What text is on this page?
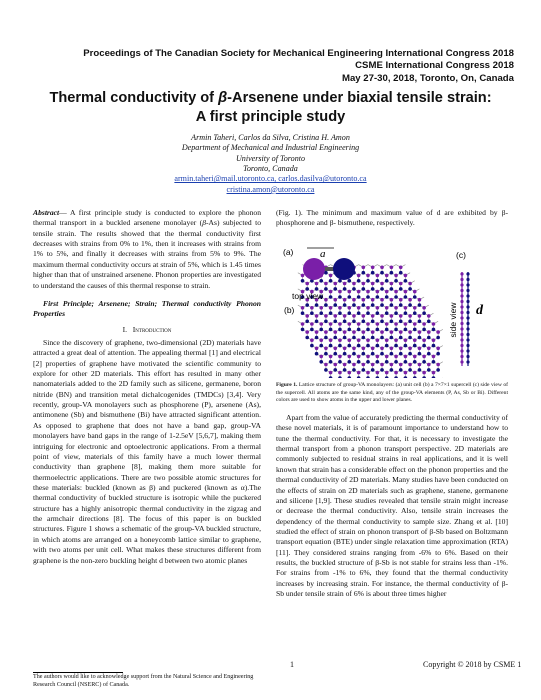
Proceedings of The Canadian Society for Mechanical Engineering International Congress 2018
CSME International Congress 2018
May 27-30, 2018, Toronto, On, Canada
Thermal conductivity of β-Arsenene under biaxial tensile strain:
A first principle study
Armin Taheri, Carlos da Silva, Cristina H. Amon
Department of Mechanical and Industrial Engineering
University of Toronto
Toronto, Canada
armin.taheri@mail.utoronto.ca, carlos.dasilva@utoronto.ca
cristina.amon@utoronto.ca

Abstract— A first principle study is conducted to explore the phonon thermal transport in a buckled arsenene monolayer (β-As) subjected to tensile strain. The results showed that the thermal conductivity first decreases with strains from 0% to 1%, then it increases with strains from 1% to 5%, and finally it decreases with strains from 5% to 9%. The maximum thermal conductivity occurs at strain of 5%, which is 1.45 times higher than that of unstrained arsenene. Phonon properties are investigated to understand the causes of this thermal response to strain.

First Principle; Arsenene; Strain; Thermal conductivity Phonon Properties

I. Introduction

Since the discovery of graphene, two-dimensional (2D) materials have attracted a great deal of attention. The appealing thermal [1] and electrical [2] properties of graphene have motivated the scientific community to explore for other 2D materials. This effort has resulted in many other nanomaterials added to the 2D family such as silicene, germanene, boron nitride (BN) and transition metal dichalcogenides (TMDCs) [3,4]. Very recently, group-VA monolayers such as phosphorene (P), arsenene (As), antimonene (Sb) and bismuthene (Bi) have attracted significant attention. As opposed to graphene that does not have a band gap, group-VA monolayers have band gaps in the range of 1-2.5eV [5,6,7], making them intriguing for electronic and optoelectronic applications. From a thermal point of view, materials of this family have a much lower thermal conductivity than graphene [8], making them more suitable for thermoelectric applications. There are two possible atomic structures for these materials: buckled (known as β) and puckered (known as α).The thermal conductivity of buckled structure is isotropic while the puckered structure has a highly anisotropic thermal conductivity in the zigzag and the armchair directions [8]. The focus of this paper is on buckled structures. Figure 1 shows a schematic of the group-VA buckled structure, in which atoms are arranged on a honeycomb lattice similar to graphene, with two atoms per unit cell. What makes these structures different from graphene is the non-zero buckling height d between two atomic planes

The authors would like to acknowledge support from the Natural Science and Engineering Research Council (NSERC) of Canada.
(Fig. 1). The minimum and maximum value of d are exhibited by β- phosphorene and β- bismuthene, respectively.
a
(a)
(b)
(c)
top view
side view d
Figure 1. Lattice structure of group-VA monolayers: (a) unit cell (b) a 7×7×1 supercell (c) side view of the supercell. All atoms are the same kind, any of the group-VA elements (P, As, Sb or Bi). Different colors are used to show atoms in the upper and lower planes.

Apart from the value of accurately predicting the thermal conductivity of these novel materials, it is of paramount importance to understand how to tune the thermal conductivity. For that, it is necessary to investigate the thermal transport from a phonon transport perspective. 2D materials are commonly subjected to residual strains in real applications, and it is well known that strain has a considerable effect on the phonon properties and the thermal conductivity of 2D materials. Many studies have been conducted on the effects of strain on 2D materials such as graphene, stanene, germanene and silicene [1,9]. These studies revealed that tensile strain might increase or decrease the thermal conductivity. Also, tensile strain increases the dependency of the thermal conductivity to sample size. Zhang et al. [10] studied the effect of strain on phonon transport of β-Sb based on Boltzmann transport equation (BTE) under single relaxation time approximation (RTA) [11]. They considered strains ranging from -6% to 6%. Based on their results, the buckled structure of β-Sb is not stable for strains less than -1%. For strains from -1% to 6%, they found that the thermal conductivity increases by increasing strain. For instance, the thermal conductivity of β-Sb under tensile strain of 6% is about three times higher

1	Copyright © 2018 by CSME 1
